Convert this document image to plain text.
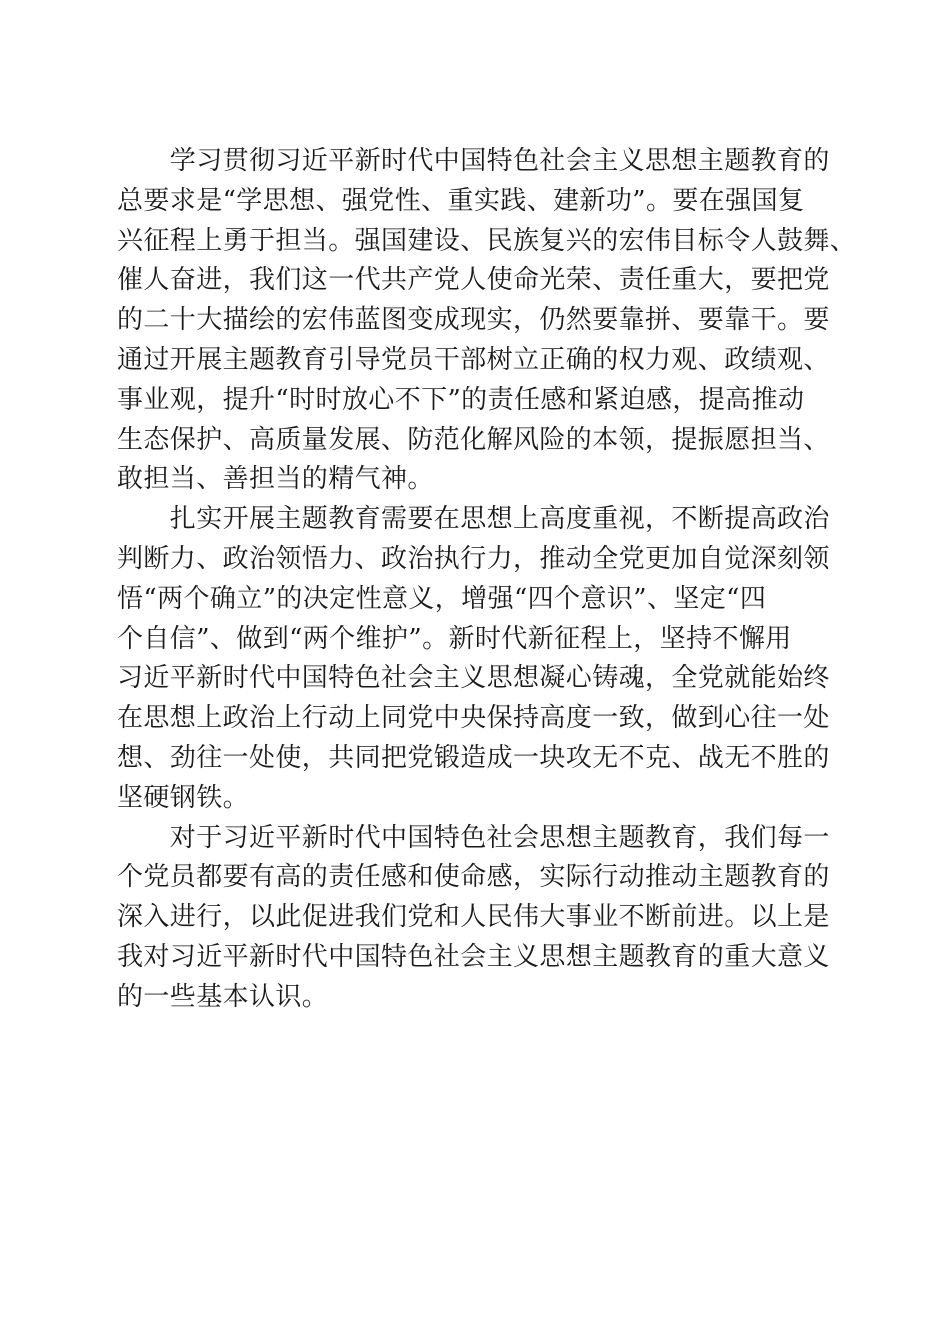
　　学习贯彻习近平新时代中国特色社会主义思想主题教育的
总要求是“学思想、强党性、重实践、建新功”。要在强国复
兴征程上勇于担当。强国建设、民族复兴的宏伟目标令人鼓舞、
催人奋进，我们这一代共产党人使命光荣、责任重大，要把党
的二十大描绘的宏伟蓝图变成现实，仍然要靠拼、要靠干。要
通过开展主题教育引导党员干部树立正确的权力观、政绩观、
事业观，提升“时时放心不下”的责任感和紧迫感，提高推动
生态保护、高质量发展、防范化解风险的本领，提振愿担当、
敢担当、善担当的精气神。
　　扎实开展主题教育需要在思想上高度重视，不断提高政治
判断力、政治领悟力、政治执行力，推动全党更加自觉深刻领
悟“两个确立”的决定性意义，增强“四个意识”、坚定“四
个自信”、做到“两个维护”。新时代新征程上，坚持不懈用
习近平新时代中国特色社会主义思想凝心铸魂，全党就能始终
在思想上政治上行动上同党中央保持高度一致，做到心往一处
想、劲往一处使，共同把党锻造成一块攻无不克、战无不胜的
坚硬钢铁。
　　对于习近平新时代中国特色社会思想主题教育，我们每一
个党员都要有高的责任感和使命感，实际行动推动主题教育的
深入进行，以此促进我们党和人民伟大事业不断前进。以上是
我对习近平新时代中国特色社会主义思想主题教育的重大意义
的一些基本认识。
